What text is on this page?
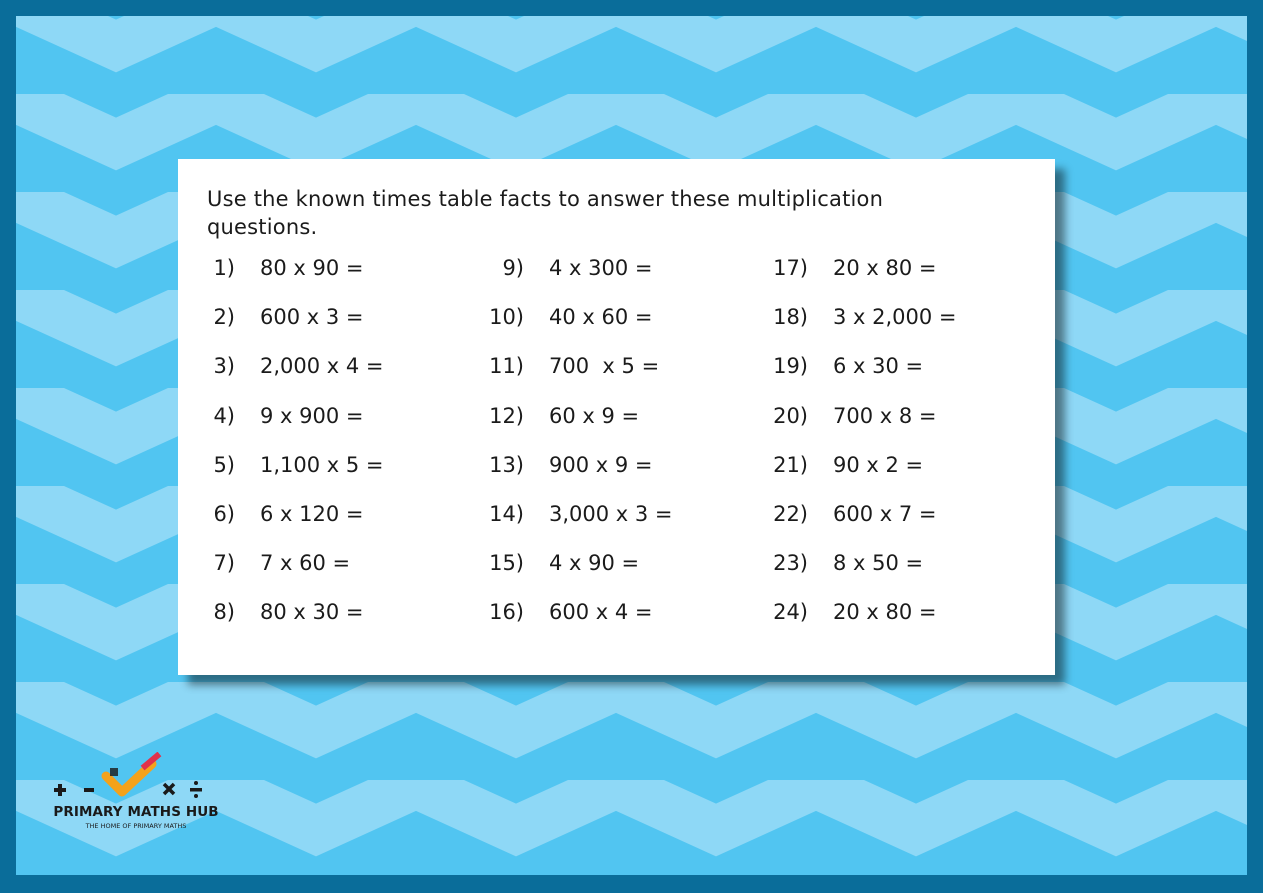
Use the known times table facts to answer these multiplication questions.
1) 80 x 90 =
2) 600 x 3 =
3) 2,000 x 4 =
4) 9 x 900 =
5) 1,100 x 5 =
6) 6 x 120 =
7) 7 x 60 =
8) 80 x 30 =
9) 4 x 300 =
10) 40 x 60 =
11) 700  x 5 =
12) 60 x 9 =
13) 900 x 9 =
14) 3,000 x 3 =
15) 4 x 90 =
16) 600 x 4 =
17) 20 x 80 =
18) 3 x 2,000 =
19) 6 x 30 =
20) 700 x 8 =
21) 90 x 2 =
22) 600 x 7 =
23) 8 x 50 =
24) 20 x 80 =
PRIMARY MATHS HUB
THE HOME OF PRIMARY MATHS
